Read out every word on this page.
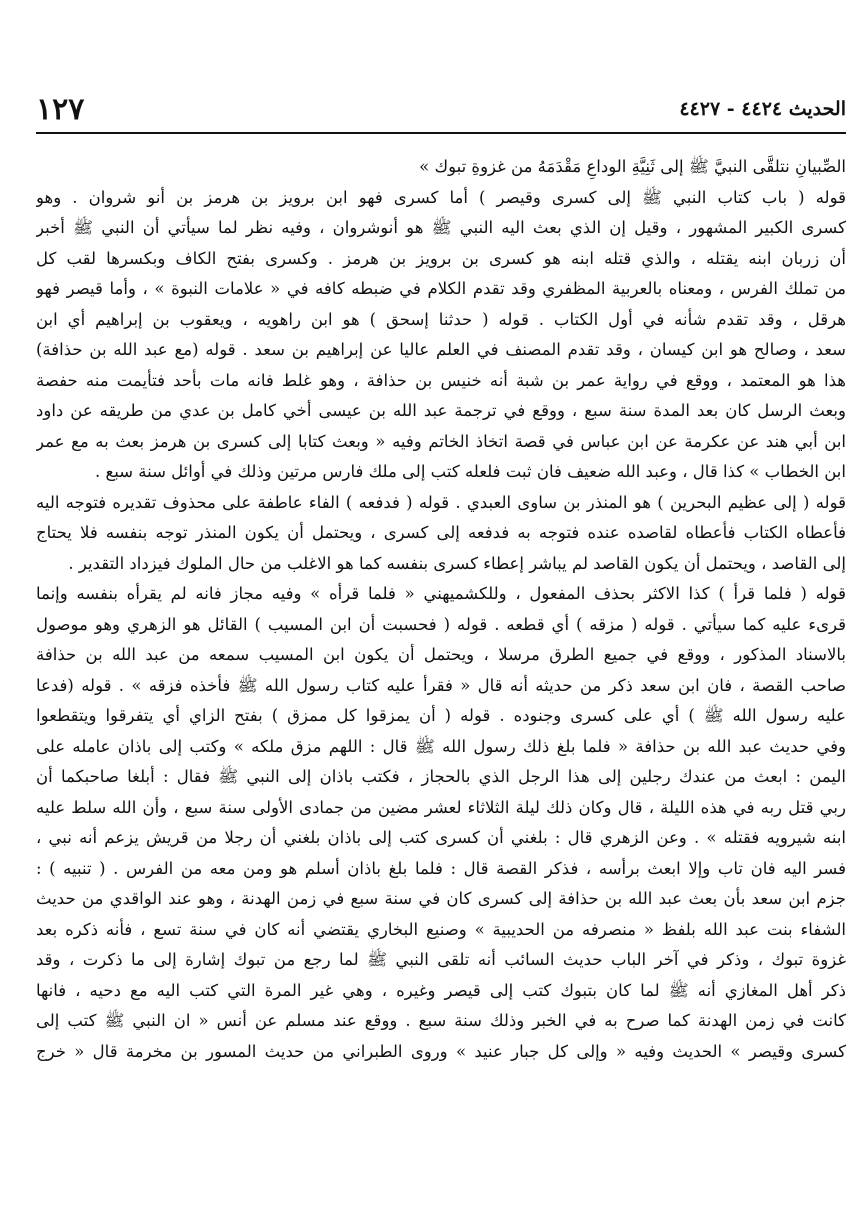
الحديث ٤٤٢٤ - ٤٤٢٧
١٢٧
الصِّبيانِ نتلقَّى النبيَّ ﷺ إلى ثَنِيَّةِ الوداعِ مَقْدَمَهُ من غزوةِ تبوك »
قوله ( باب كتاب النبي ﷺ إلى كسرى وقيصر ) أما كسرى فهو ابن برويز بن هرمز بن أنو شروان . وهو
كسرى الكبير المشهور ، وقيل إن الذي بعث اليه النبي ﷺ هو أنوشروان ، وفيه نظر لما سيأتي أن النبي ﷺ أخبر
أن زربان ابنه يقتله ، والذي قتله ابنه هو كسرى بن برويز بن هرمز . وكسرى بفتح الكاف وبكسرها لقب كل
من تملك الفرس ، ومعناه بالعربية المظفري وقد تقدم الكلام في ضبطه كافه في « علامات النبوة » ، وأما قيصر فهو
هرقل ، وقد تقدم شأنه في أول الكتاب . قوله ( حدثنا إسحق ) هو ابن راهويه ، ويعقوب بن إبراهيم أي ابن
سعد ، وصالح هو ابن كيسان ، وقد تقدم المصنف في العلم عاليا عن إبراهيم بن سعد . قوله (مع عبد الله بن حذافة)
هذا هو المعتمد ، ووقع في رواية عمر بن شبة أنه خنيس بن حذافة ، وهو غلط فانه مات بأحد فتأيمت منه حفصة
وبعث الرسل كان بعد المدة سنة سبع ، ووقع في ترجمة عبد الله بن عيسى أخي كامل بن عدي من طريقه عن داود
ابن أبي هند عن عكرمة عن ابن عباس في قصة اتخاذ الخاتم وفيه « وبعث كتابا إلى كسرى بن هرمز بعث به مع عمر
ابن الخطاب » كذا قال ، وعبد الله ضعيف فان ثبت فلعله كتب إلى ملك فارس مرتين وذلك في أوائل سنة سبع .
قوله ( إلى عظيم البحرين ) هو المنذر بن ساوى العبدي . قوله ( فدفعه ) الفاء عاطفة على محذوف تقديره فتوجه اليه
فأعطاه الكتاب فأعطاه لقاصده عنده فتوجه به فدفعه إلى كسرى ، ويحتمل أن يكون المنذر توجه بنفسه فلا يحتاج
إلى القاصد ، ويحتمل أن يكون القاصد لم يباشر إعطاء كسرى بنفسه كما هو الاغلب من حال الملوك فيزداد التقدير .
قوله ( فلما قرأ ) كذا الاكثر بحذف المفعول ، وللكشميهني « فلما قرأه » وفيه مجاز فانه لم يقرأه بنفسه وإنما
قرىء عليه كما سيأتي . قوله ( مزقه ) أي قطعه . قوله ( فحسبت أن ابن المسيب ) القائل هو الزهري وهو موصول
بالاسناد المذكور ، ووقع في جميع الطرق مرسلا ، ويحتمل أن يكون ابن المسيب سمعه من عبد الله بن حذافة
صاحب القصة ، فان ابن سعد ذكر من حديثه أنه قال « فقرأ عليه كتاب رسول الله ﷺ فأخذه فزقه » . قوله (فدعا
عليه رسول الله ﷺ ) أي على كسرى وجنوده . قوله ( أن يمزقوا كل ممزق ) بفتح الزاي أي يتفرقوا ويتقطعوا
وفي حديث عبد الله بن حذافة « فلما بلغ ذلك رسول الله ﷺ قال : اللهم مزق ملكه » وكتب إلى باذان عامله على
اليمن : ابعث من عندك رجلين إلى هذا الرجل الذي بالحجاز ، فكتب باذان إلى النبي ﷺ فقال : أبلغا صاحبكما أن
ربي قتل ربه في هذه الليلة ، قال وكان ذلك ليلة الثلاثاء لعشر مضين من جمادى الأولى سنة سبع ، وأن الله سلط عليه
ابنه شيرويه فقتله » . وعن الزهري قال : بلغني أن كسرى كتب إلى باذان بلغني أن رجلا من قريش يزعم أنه نبي ،
فسر اليه فان تاب وإلا ابعث برأسه ، فذكر القصة قال : فلما بلغ باذان أسلم هو ومن معه من الفرس . ( تنبيه ) :
جزم ابن سعد بأن بعث عبد الله بن حذافة إلى كسرى كان في سنة سبع في زمن الهدنة ، وهو عند الواقدي من حديث
الشفاء بنت عبد الله بلفظ « منصرفه من الحديبية » وصنيع البخاري يقتضي أنه كان في سنة تسع ، فأنه ذكره بعد
غزوة تبوك ، وذكر في آخر الباب حديث السائب أنه تلقى النبي ﷺ لما رجع من تبوك إشارة إلى ما ذكرت ، وقد
ذكر أهل المغازي أنه ﷺ لما كان بتبوك كتب إلى قيصر وغيره ، وهي غير المرة التي كتب اليه مع دحيه ، فانها
كانت في زمن الهدنة كما صرح به في الخبر وذلك سنة سبع . ووقع عند مسلم عن أنس « ان النبي ﷺ كتب إلى
كسرى وقيصر » الحديث وفيه « وإلى كل جبار عنيد » وروى الطبراني من حديث المسور بن مخرمة قال « خرج
